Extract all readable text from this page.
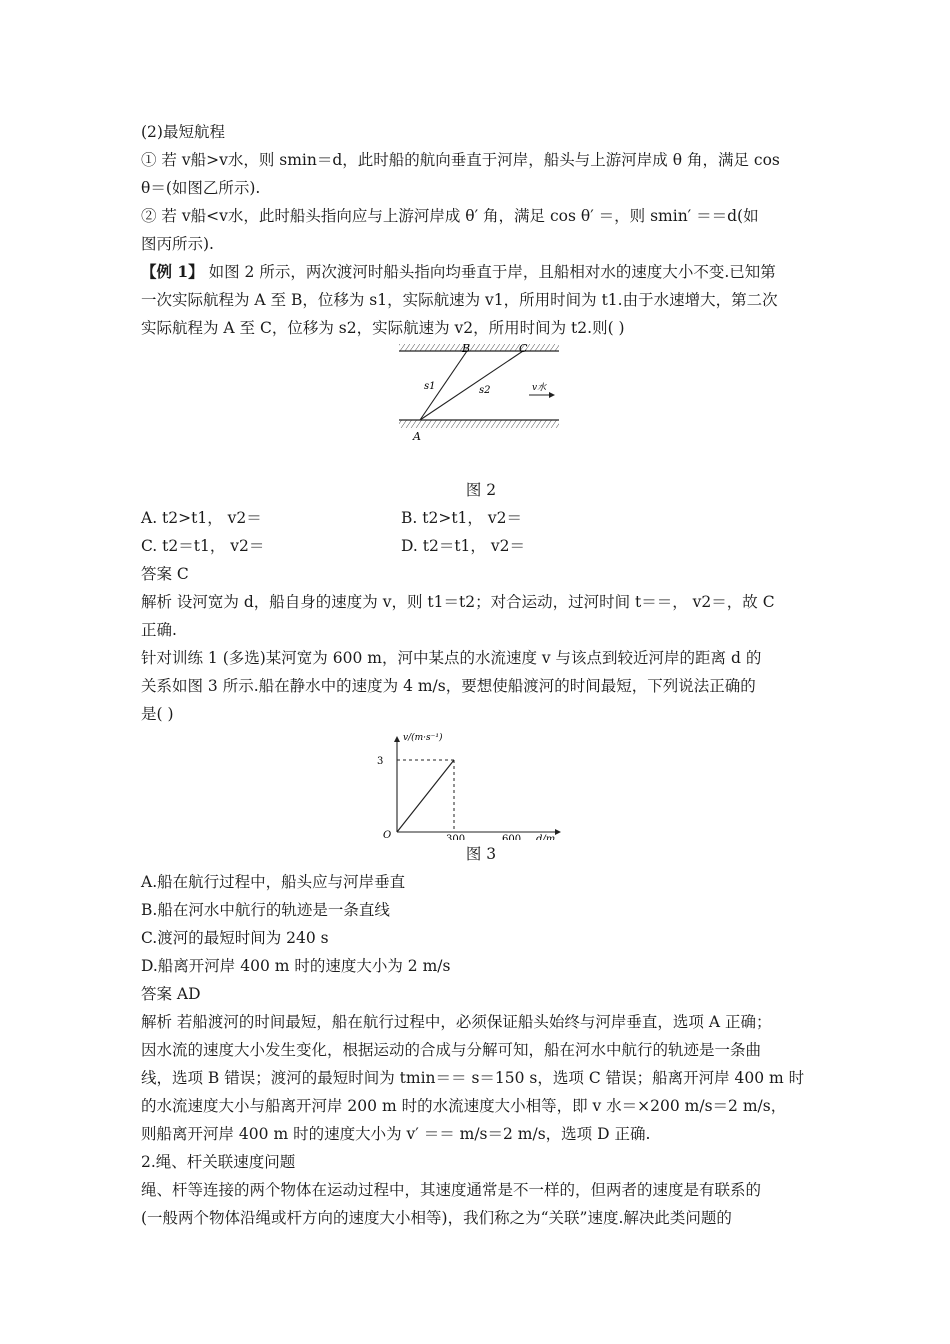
(2)最短航程
① 若 v船>v水，则 smin＝d，此时船的航向垂直于河岸，船头与上游河岸成 θ 角，满足 cos
θ＝(如图乙所示).
② 若 v船<v水，此时船头指向应与上游河岸成 θ′ 角，满足 cos θ′ ＝，则 smin′ ＝＝d(如
图丙所示).
【例 1】 如图 2 所示，两次渡河时船头指向均垂直于岸，且船相对水的速度大小不变.已知第
一次实际航程为 A 至 B，位移为 s1，实际航速为 v1，所用时间为 t1.由于水速增大，第二次
实际航程为 A 至 C，位移为 s2，实际航速为 v2，所用时间为 t2.则( )
B	C
s1	s2	v水
A
图 2
A. t2>t1， v2＝	B. t2>t1， v2＝
C. t2＝t1， v2＝	D. t2＝t1， v2＝
答案 C
解析 设河宽为 d，船自身的速度为 v，则 t1＝t2；对合运动，过河时间 t＝＝， v2＝，故 C
正确.
针对训练 1 (多选)某河宽为 600 m，河中某点的水流速度 v 与该点到较近河岸的距离 d 的
关系如图 3 所示.船在静水中的速度为 4 m/s，要想使船渡河的时间最短，下列说法正确的
是( )
3
300	600
O
v/(m·s⁻¹)
d/m
图 3
A.船在航行过程中，船头应与河岸垂直
B.船在河水中航行的轨迹是一条直线
C.渡河的最短时间为 240 s
D.船离开河岸 400 m 时的速度大小为 2 m/s
答案 AD
解析 若船渡河的时间最短，船在航行过程中，必须保证船头始终与河岸垂直，选项 A 正确；
因水流的速度大小发生变化，根据运动的合成与分解可知，船在河水中航行的轨迹是一条曲
线，选项 B 错误；渡河的最短时间为 tmin＝＝ s＝150 s，选项 C 错误；船离开河岸 400 m 时
的水流速度大小与船离开河岸 200 m 时的水流速度大小相等，即 v 水＝×200 m/s＝2 m/s，
则船离开河岸 400 m 时的速度大小为 v′ ＝＝ m/s＝2 m/s，选项 D 正确.
2.绳、杆关联速度问题
绳、杆等连接的两个物体在运动过程中，其速度通常是不一样的，但两者的速度是有联系的
(一般两个物体沿绳或杆方向的速度大小相等)，我们称之为“关联”速度.解决此类问题的
